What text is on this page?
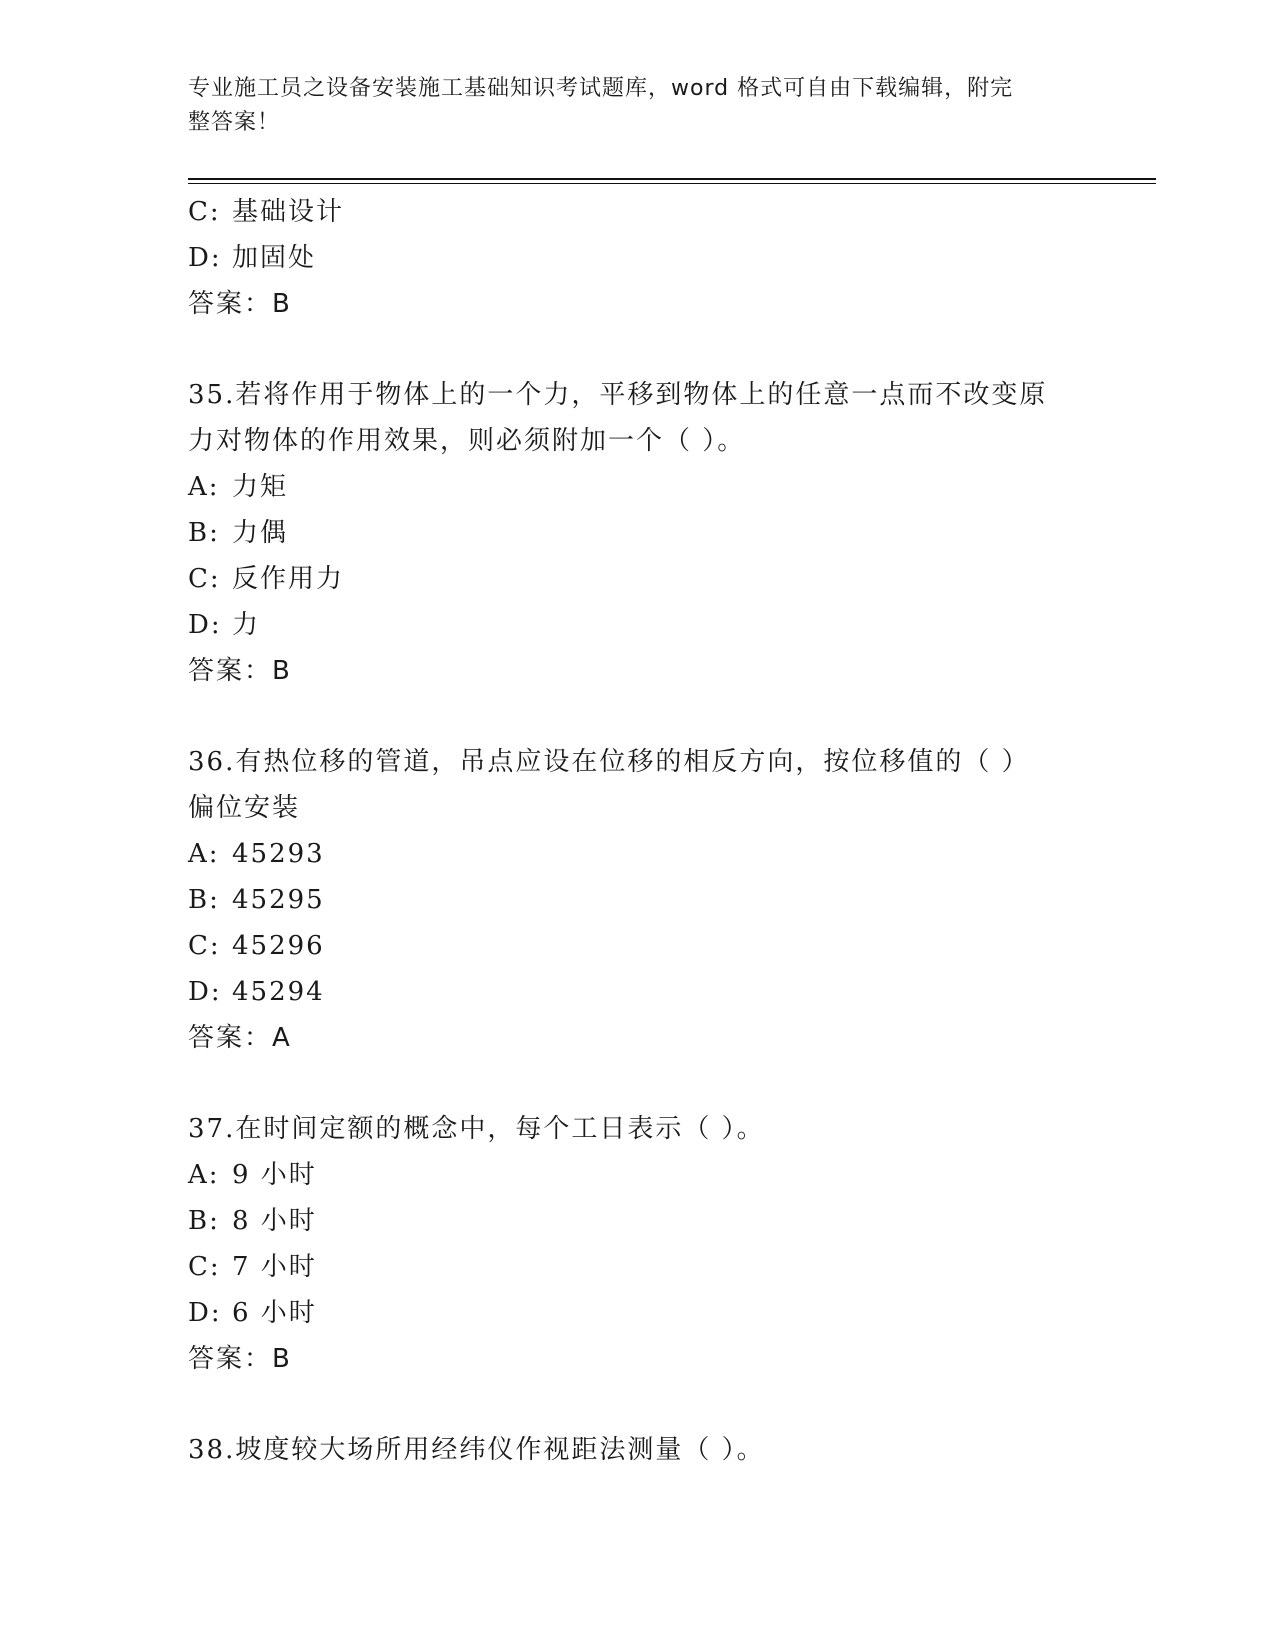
专业施工员之设备安装施工基础知识考试题库，word 格式可自由下载编辑，附完
整答案！
C: 基础设计
D: 加固处
答案：B
35.若将作用于物体上的一个力，平移到物体上的任意一点而不改变原
力对物体的作用效果，则必须附加一个（ ）。
A: 力矩
B: 力偶
C: 反作用力
D: 力
答案：B
36.有热位移的管道，吊点应设在位移的相反方向，按位移值的（ ）
偏位安装
A: 45293
B: 45295
C: 45296
D: 45294
答案：A
37.在时间定额的概念中，每个工日表示（ ）。
A: 9 小时
B: 8 小时
C: 7 小时
D: 6 小时
答案：B
38.坡度较大场所用经纬仪作视距法测量（ ）。
